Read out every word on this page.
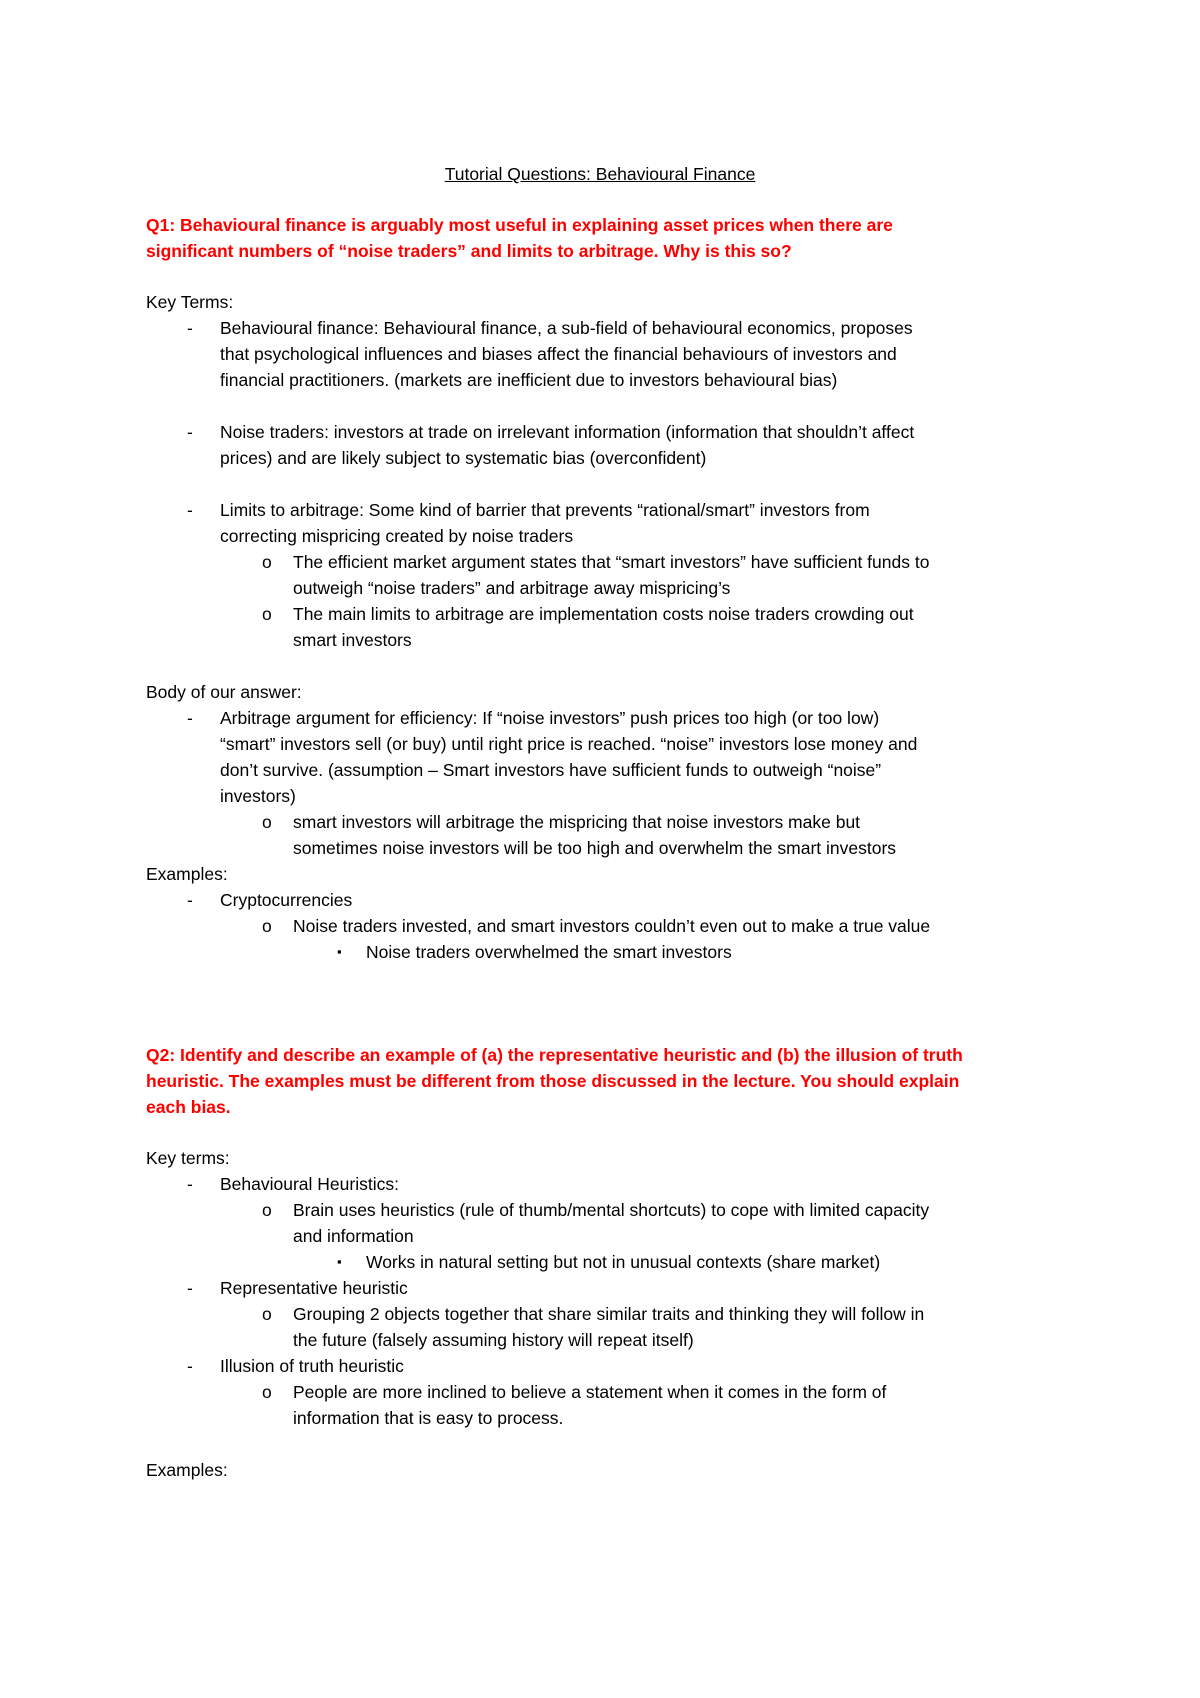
Tutorial Questions: Behavioural Finance
Q1: Behavioural finance is arguably most useful in explaining asset prices when there are
significant numbers of “noise traders” and limits to arbitrage. Why is this so?
Key Terms:
- Behavioural finance: Behavioural finance, a sub-field of behavioural economics, proposes
that psychological influences and biases affect the financial behaviours of investors and
financial practitioners. (markets are inefficient due to investors behavioural bias)
- Noise traders: investors at trade on irrelevant information (information that shouldn’t affect
prices) and are likely subject to systematic bias (overconfident)
- Limits to arbitrage: Some kind of barrier that prevents “rational/smart” investors from
correcting mispricing created by noise traders
o The efficient market argument states that “smart investors” have sufficient funds to
outweigh “noise traders” and arbitrage away mispricing’s
o The main limits to arbitrage are implementation costs noise traders crowding out
smart investors
Body of our answer:
- Arbitrage argument for efficiency: If “noise investors” push prices too high (or too low)
“smart” investors sell (or buy) until right price is reached. “noise” investors lose money and
don’t survive. (assumption – Smart investors have sufficient funds to outweigh “noise”
investors)
o smart investors will arbitrage the mispricing that noise investors make but
sometimes noise investors will be too high and overwhelm the smart investors
Examples:
- Cryptocurrencies
o Noise traders invested, and smart investors couldn’t even out to make a true value
▪ Noise traders overwhelmed the smart investors
Q2: Identify and describe an example of (a) the representative heuristic and (b) the illusion of truth
heuristic. The examples must be different from those discussed in the lecture. You should explain
each bias.
Key terms:
- Behavioural Heuristics:
o Brain uses heuristics (rule of thumb/mental shortcuts) to cope with limited capacity
and information
▪ Works in natural setting but not in unusual contexts (share market)
- Representative heuristic
o Grouping 2 objects together that share similar traits and thinking they will follow in
the future (falsely assuming history will repeat itself)
- Illusion of truth heuristic
o People are more inclined to believe a statement when it comes in the form of
information that is easy to process.
Examples:
